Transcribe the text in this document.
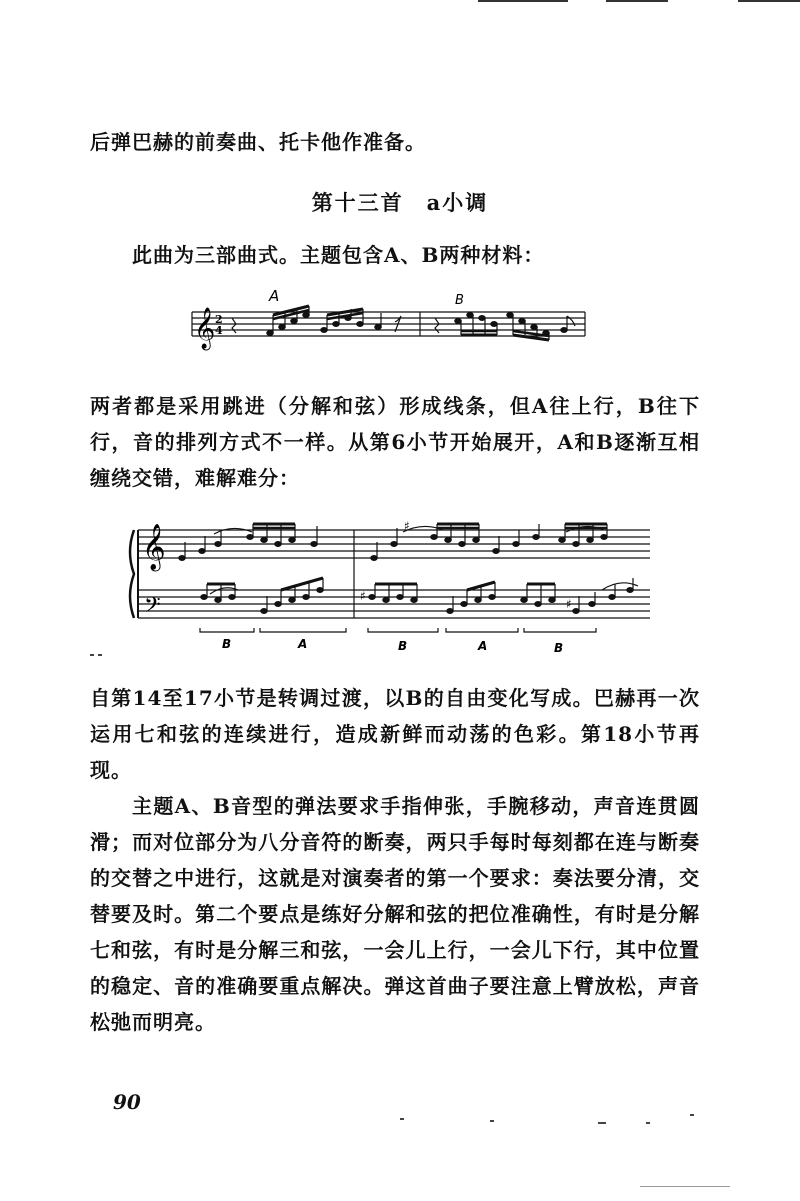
后弹巴赫的前奏曲、托卡他作准备。
第十三首　a小调
此曲为三部曲式。主题包含A、B两种材料：
𝄞 2
4
A	B
两者都是采用跳进（分解和弦）形成线条，但A往上行，B往下行，音的排列方式不一样。从第6小节开始展开，A和B逐渐互相缠绕交错，难解难分：
𝄞
𝄢
♯
♯
♯
B	A	B	A	B
自第14至17小节是转调过渡，以B的自由变化写成。巴赫再一次运用七和弦的连续进行，造成新鲜而动荡的色彩。第18小节再现。
主题A、B音型的弹法要求手指伸张，手腕移动，声音连贯圆滑；而对位部分为八分音符的断奏，两只手每时每刻都在连与断奏的交替之中进行，这就是对演奏者的第一个要求：奏法要分清，交替要及时。第二个要点是练好分解和弦的把位准确性，有时是分解七和弦，有时是分解三和弦，一会儿上行，一会儿下行，其中位置的稳定、音的准确要重点解决。弹这首曲子要注意上臂放松，声音松弛而明亮。
90
